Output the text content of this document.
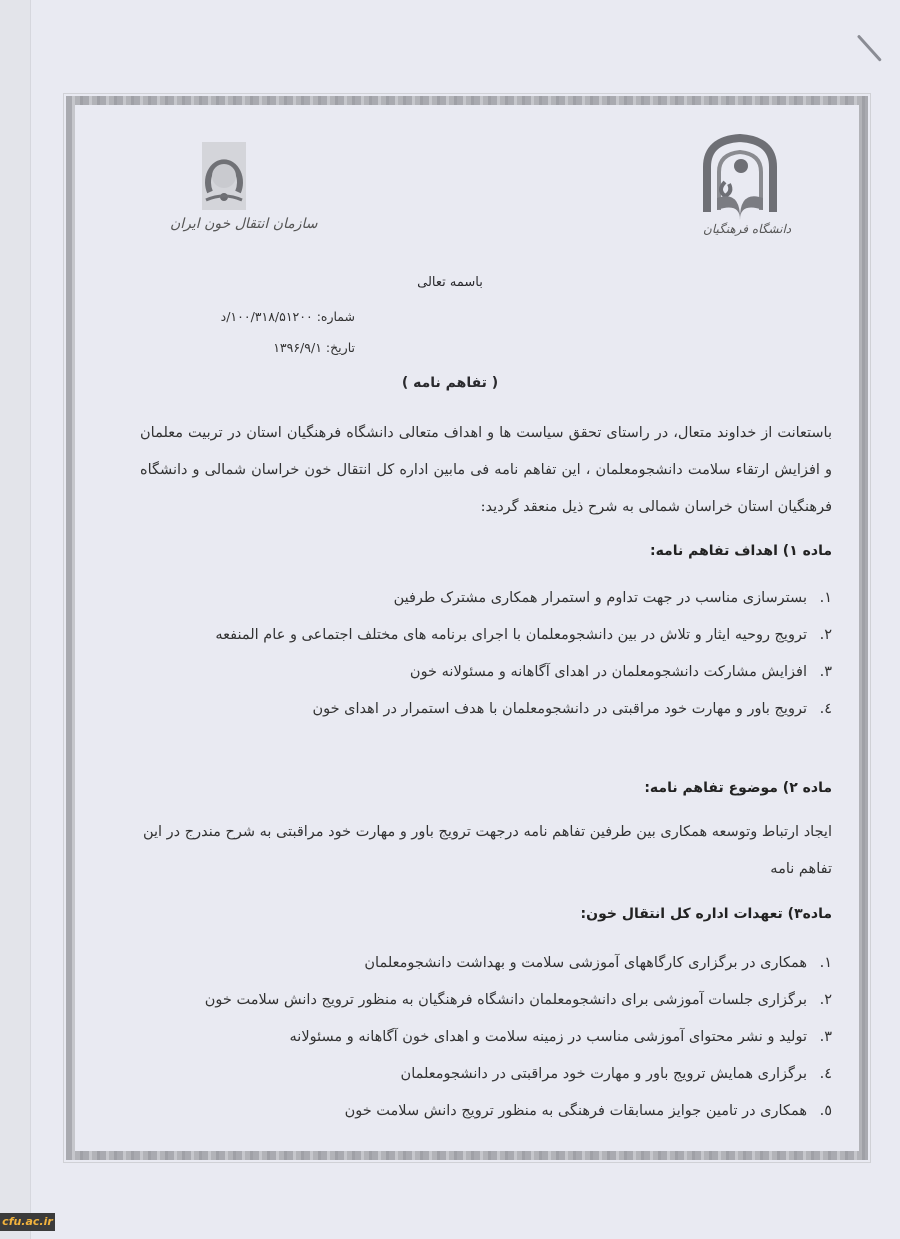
دانشگاه فرهنگیان
سازمان انتقال خون ایران
باسمه تعالی
شماره: ۱۰۰/۳۱۸/۵۱۲۰۰/د
تاریخ: ۱۳۹۶/۹/۱
( تفاهم نامه )
باستعانت از خداوند متعال، در راستای تحقق سیاست ها و اهداف متعالی دانشگاه فرهنگیان استان در تربیت معلمان و افزایش ارتقاء سلامت دانشجومعلمان ، این تفاهم نامه فی مابین اداره کل انتقال خون خراسان شمالی و دانشگاه فرهنگیان استان خراسان شمالی به شرح ذیل منعقد گردید:
ماده ۱) اهداف تفاهم نامه:
۱.
بسترسازی مناسب در جهت تداوم و استمرار همکاری مشترک طرفین
۲.
ترویج روحیه ایثار و تلاش در بین دانشجومعلمان با اجرای برنامه های مختلف اجتماعی و عام المنفعه
۳.
افزایش مشارکت دانشجومعلمان در اهدای آگاهانه و مسئولانه خون
٤.
ترویج باور و مهارت خود مراقبتی در دانشجومعلمان با هدف استمرار در اهدای خون
ماده ۲) موضوع تفاهم نامه:
ایجاد ارتباط وتوسعه همکاری بین طرفین تفاهم نامه درجهت ترویج باور و مهارت خود مراقبتی به شرح مندرج در این تفاهم نامه
ماده۳) تعهدات اداره کل انتقال خون:
۱.
همکاری در برگزاری کارگاههای آموزشی سلامت و بهداشت دانشجومعلمان
۲.
برگزاری جلسات آموزشی برای دانشجومعلمان دانشگاه فرهنگیان به منظور ترویج دانش سلامت خون
۳.
تولید و نشر محتوای آموزشی مناسب در زمینه سلامت و اهدای خون آگاهانه و مسئولانه
٤.
برگزاری همایش ترویج باور و مهارت خود مراقبتی در دانشجومعلمان
٥.
همکاری در تامین جوایز مسابقات فرهنگی به منظور ترویج دانش سلامت خون
cfu.ac.ir
